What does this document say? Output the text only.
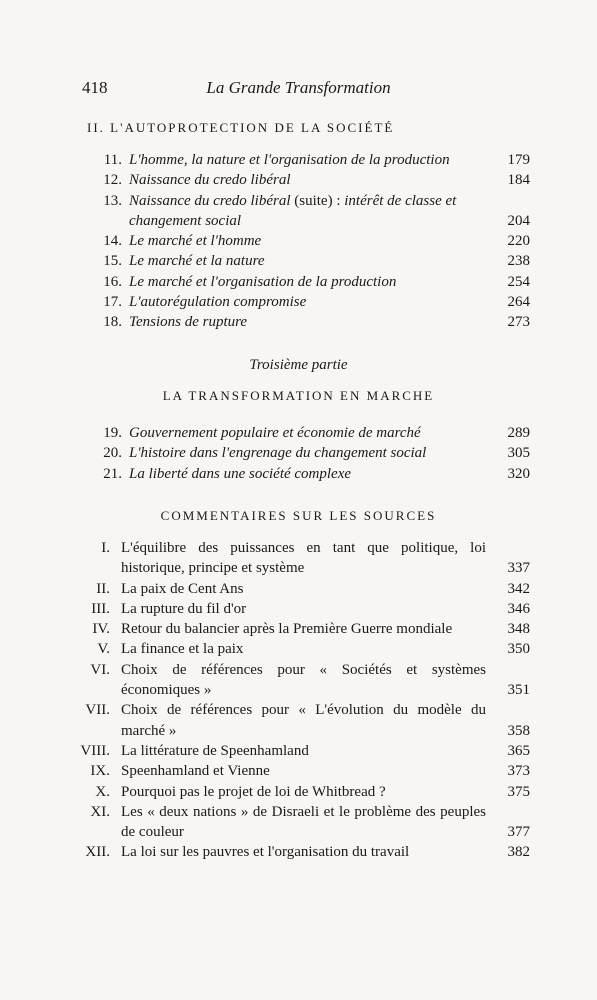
418	La Grande Transformation
II. L'AUTOPROTECTION DE LA SOCIÉTÉ
11. L'homme, la nature et l'organisation de la production	179
12. Naissance du credo libéral	184
13. Naissance du credo libéral (suite) : intérêt de classe et changement social	204
14. Le marché et l'homme	220
15. Le marché et la nature	238
16. Le marché et l'organisation de la production	254
17. L'autorégulation compromise	264
18. Tensions de rupture	273
Troisième partie
LA TRANSFORMATION EN MARCHE
19. Gouvernement populaire et économie de marché	289
20. L'histoire dans l'engrenage du changement social	305
21. La liberté dans une société complexe	320
COMMENTAIRES SUR LES SOURCES
I. L'équilibre des puissances en tant que politique, loi historique, principe et système	337
II. La paix de Cent Ans	342
III. La rupture du fil d'or	346
IV. Retour du balancier après la Première Guerre mondiale	348
V. La finance et la paix	350
VI. Choix de références pour « Sociétés et systèmes économiques »	351
VII. Choix de références pour « L'évolution du modèle du marché »	358
VIII. La littérature de Speenhamland	365
IX. Speenhamland et Vienne	373
X. Pourquoi pas le projet de loi de Whitbread ?	375
XI. Les « deux nations » de Disraeli et le problème des peuples de couleur	377
XII. La loi sur les pauvres et l'organisation du travail	382
